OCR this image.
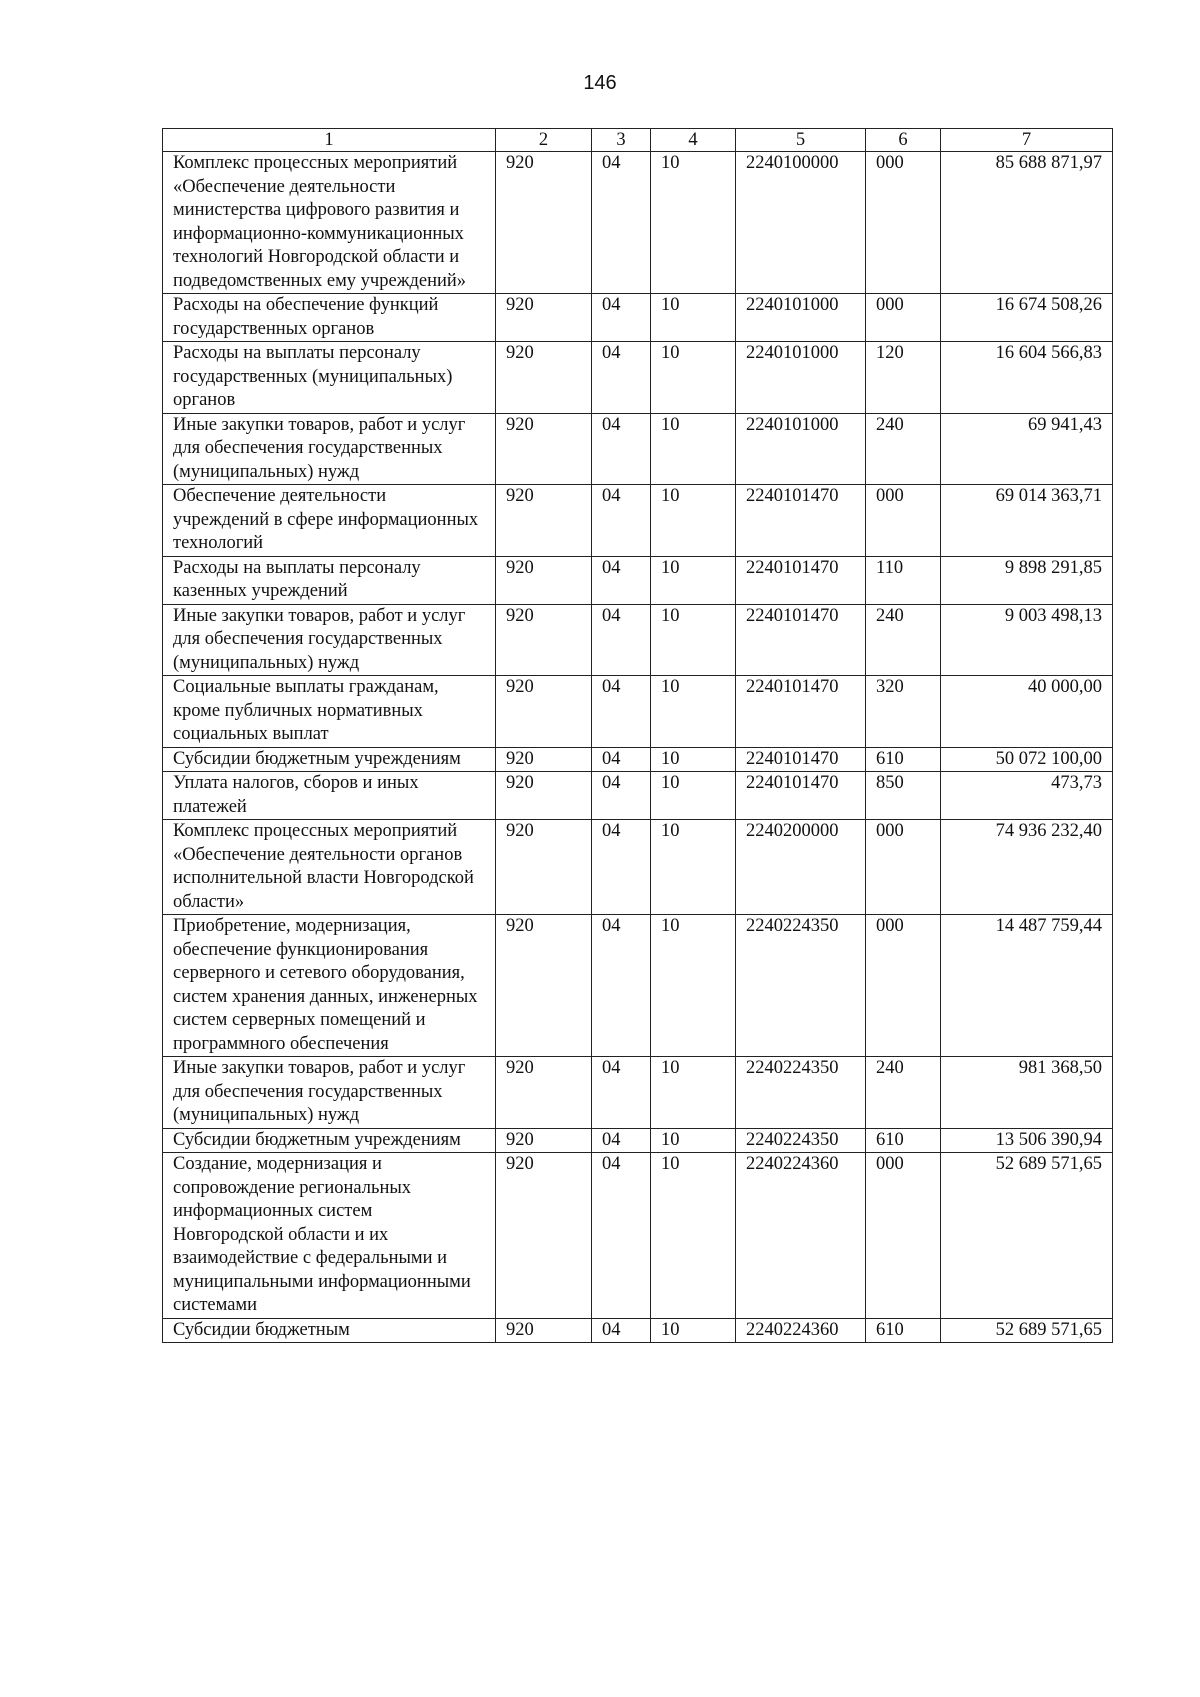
146
1	2	3	4	5	6	7
Комплекс процессных мероприятий «Обеспечение деятельности министерства цифрового развития и информационно-коммуникационных технологий Новгородской области и подведомственных ему учреждений»	920	04	10	2240100000	000	85 688 871,97
Расходы на обеспечение функций государственных органов	920	04	10	2240101000	000	16 674 508,26
Расходы на выплаты персоналу государственных (муниципальных) органов	920	04	10	2240101000	120	16 604 566,83
Иные закупки товаров, работ и услуг для обеспечения государственных (муниципальных) нужд	920	04	10	2240101000	240	69 941,43
Обеспечение деятельности учреждений в сфере информационных технологий	920	04	10	2240101470	000	69 014 363,71
Расходы на выплаты персоналу казенных учреждений	920	04	10	2240101470	110	9 898 291,85
Иные закупки товаров, работ и услуг для обеспечения государственных (муниципальных) нужд	920	04	10	2240101470	240	9 003 498,13
Социальные выплаты гражданам, кроме публичных нормативных социальных выплат	920	04	10	2240101470	320	40 000,00
Субсидии бюджетным учреждениям	920	04	10	2240101470	610	50 072 100,00
Уплата налогов, сборов и иных платежей	920	04	10	2240101470	850	473,73
Комплекс процессных мероприятий «Обеспечение деятельности органов исполнительной власти Новгородской области»	920	04	10	2240200000	000	74 936 232,40
Приобретение, модернизация, обеспечение функционирования серверного и сетевого оборудования, систем хранения данных, инженерных систем серверных помещений и программного обеспечения	920	04	10	2240224350	000	14 487 759,44
Иные закупки товаров, работ и услуг для обеспечения государственных (муниципальных) нужд	920	04	10	2240224350	240	981 368,50
Субсидии бюджетным учреждениям	920	04	10	2240224350	610	13 506 390,94
Создание, модернизация и сопровождение региональных информационных систем Новгородской области и их взаимодействие с федеральными и муниципальными информационными системами	920	04	10	2240224360	000	52 689 571,65
Субсидии бюджетным	920	04	10	2240224360	610	52 689 571,65
